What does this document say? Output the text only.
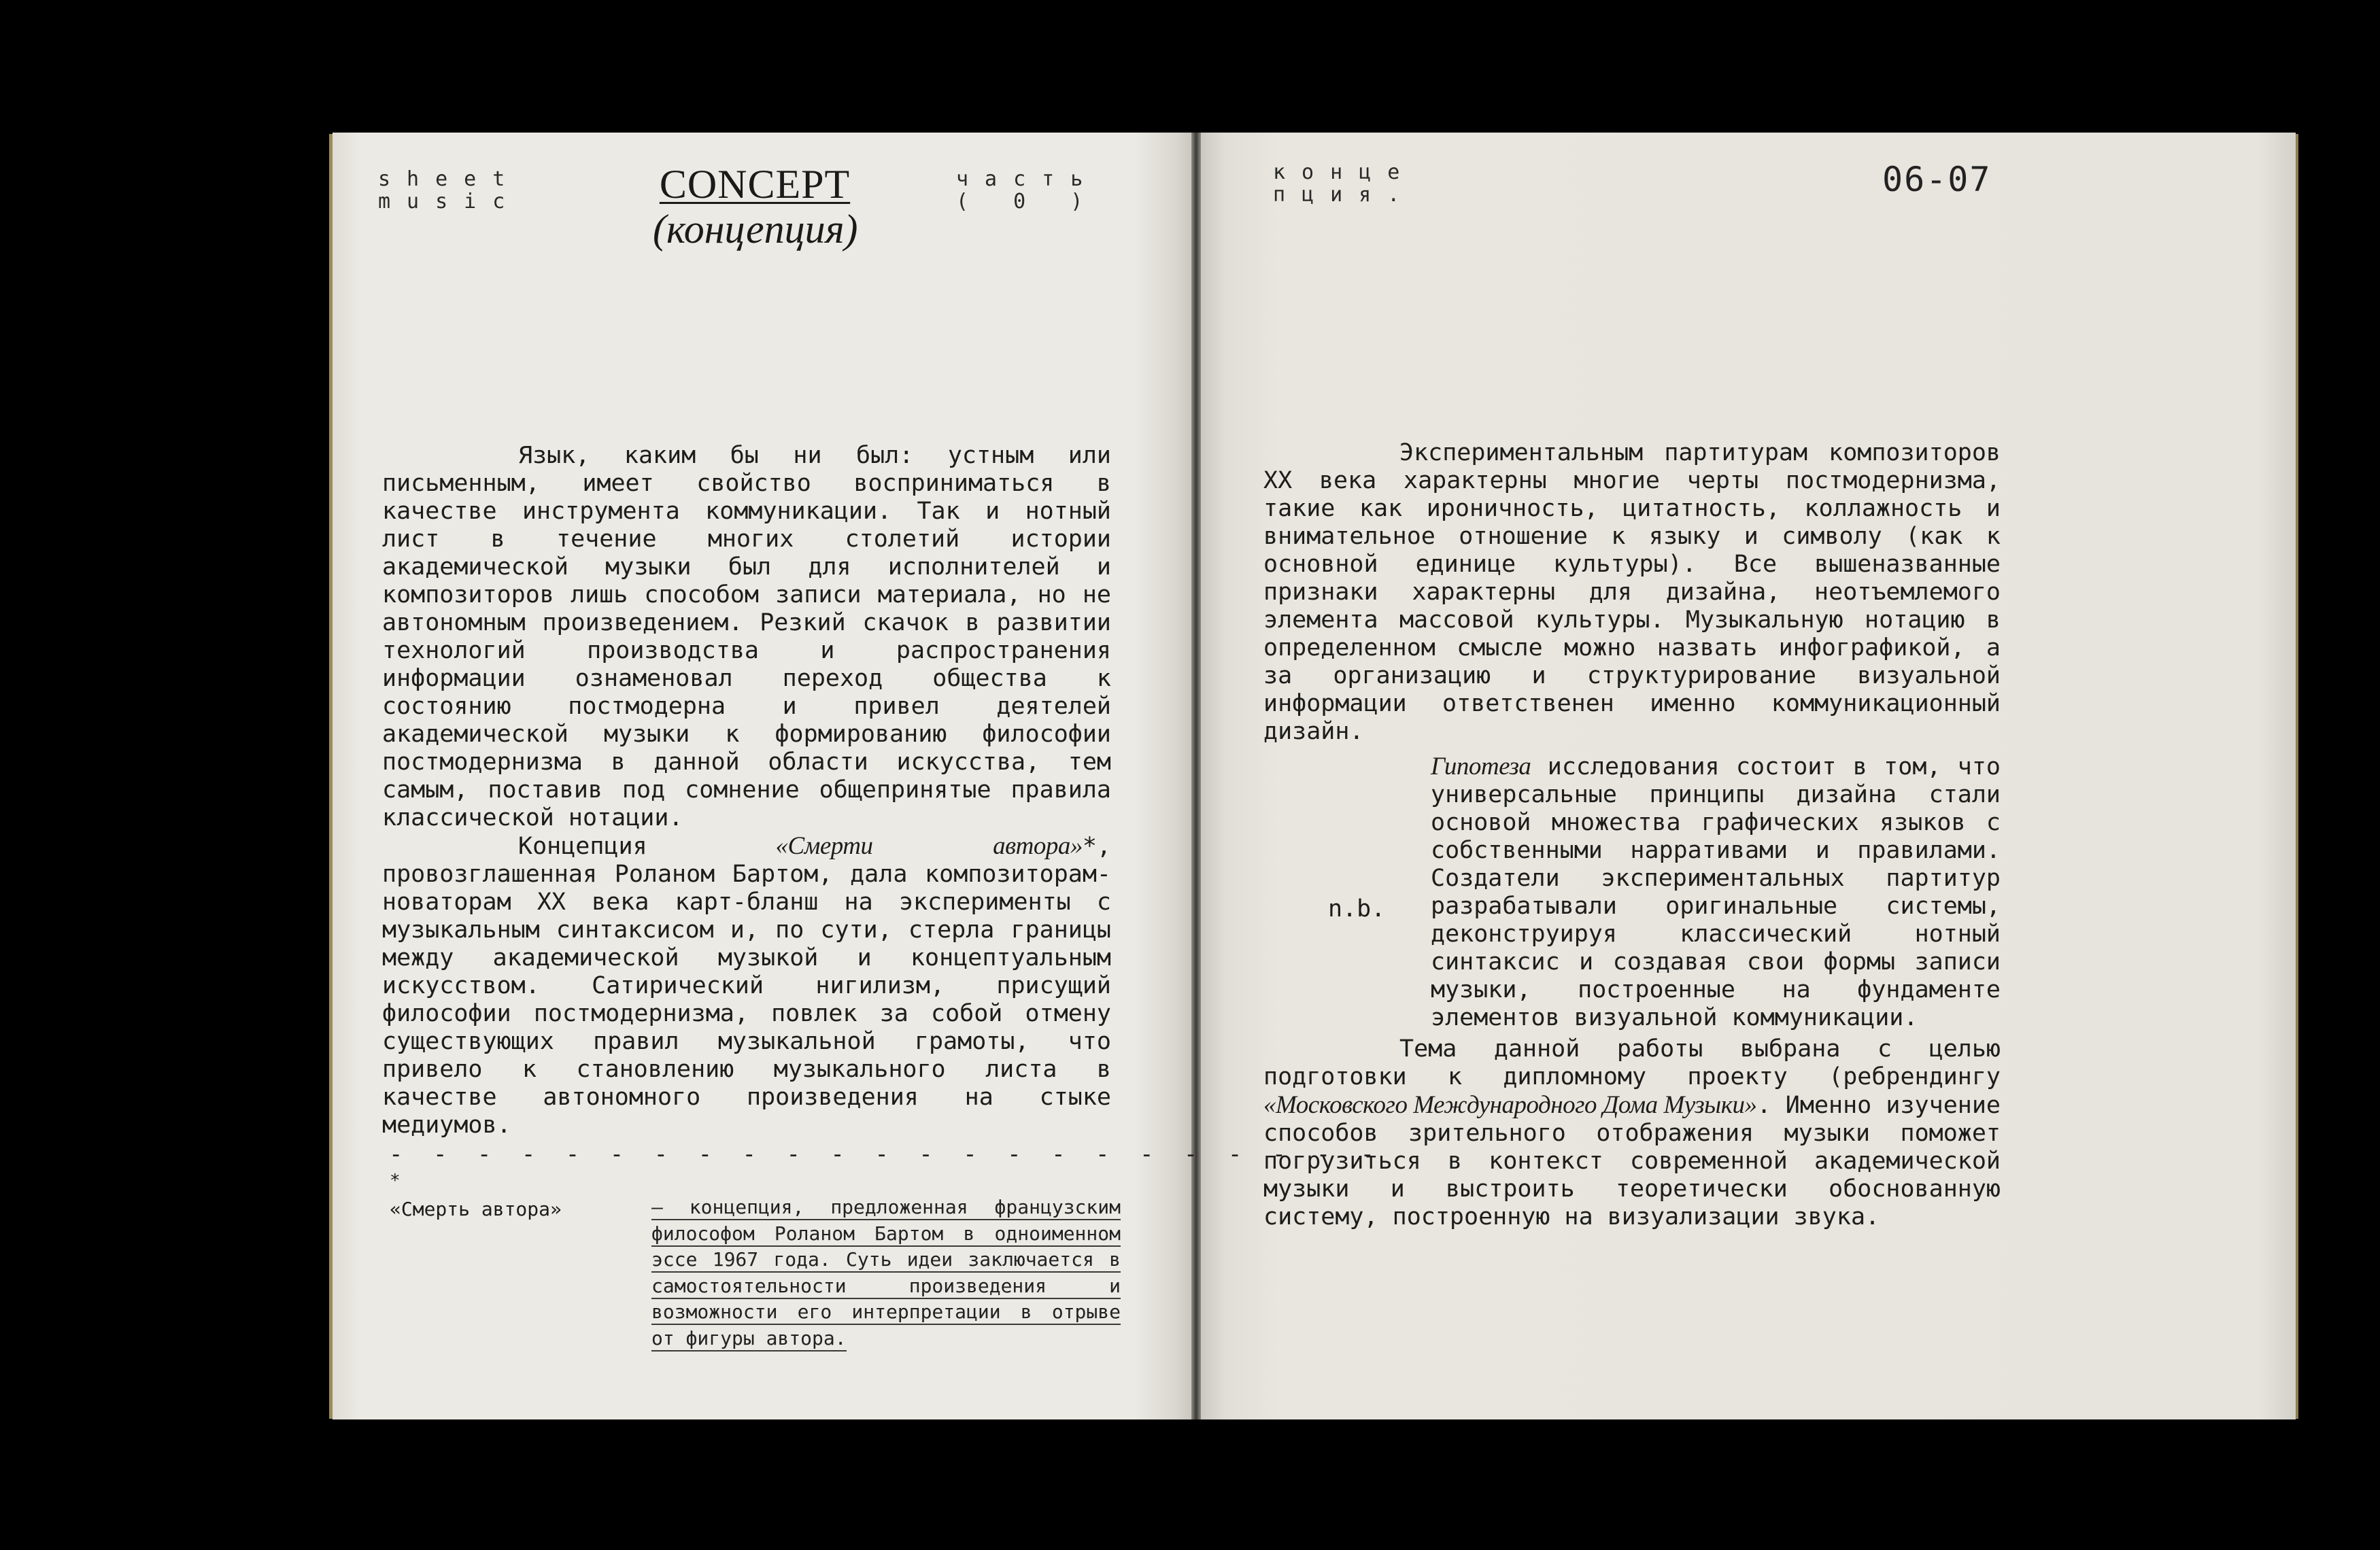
sheet
music	CONCEPT
(концепция)
часть
( 0 )

Язык, каким бы ни был: устным или письменным, имеет свойство восприниматься в качестве инструмента коммуникации. Так и нотный лист в течение многих столетий истории академической музыки был для исполнителей и композиторов лишь способом записи материала, но не автономным произведением. Резкий скачок в развитии технологий производства и распространения информации ознаменовал переход общества к состоянию постмодерна и привел деятелей академической музыки к формированию философии постмодернизма в данной области искусства, тем самым, поставив под сомнение общепринятые правила классической нотации.

Концепция «Смерти автора»*, провозглашенная Роланом Бартом, дала композиторам-новаторам XX века карт-бланш на эксперименты с музыкальным синтаксисом и, по сути, стерла границы между академической музыкой и концептуальным искусством. Сатирический нигилизм, присущий философии постмодернизма, повлек за собой отмену существующих правил музыкальной грамоты, что привело к становлению музыкального листа в качестве автономного произведения на стыке медиумов.

- - - - - - - - - - - - - - - - - - - - - - -
*
«Смерть автора»	– концепция, предложенная французским философом Роланом Бартом в одноименном эссе 1967 года. Суть идеи заключается в самостоятельности произведения и возможности его интерпретации в отрыве от фигуры автора.
конце
пция.	06-07

Экспериментальным партитурам композиторов XX века характерны многие черты постмодернизма, такие как ироничность, цитатность, коллажность и внимательное отношение к языку и символу (как к основной единице культуры). Все вышеназванные признаки характерны для дизайна, неотъемлемого элемента массовой культуры. Музыкальную нотацию в определенном смысле можно назвать инфографикой, а за организацию и структурирование визуальной информации ответственен именно коммуникационный дизайн.

n.b.

Гипотеза исследования состоит в том, что универсальные принципы дизайна стали основой множества графических языков с собственными нарративами и правилами. Создатели экспериментальных партитур разрабатывали оригинальные системы, деконструируя классический нотный синтаксис и создавая свои формы записи музыки, построенные на фундаменте элементов визуальной коммуникации.

Тема данной работы выбрана с целью подготовки к дипломному проекту (ребрендингу «Московского Международного Дома Музыки». Именно изучение способов зрительного отображения музыки поможет погрузиться в контекст современной академической музыки и выстроить теоретически обоснованную систему, построенную на визуализации звука.
